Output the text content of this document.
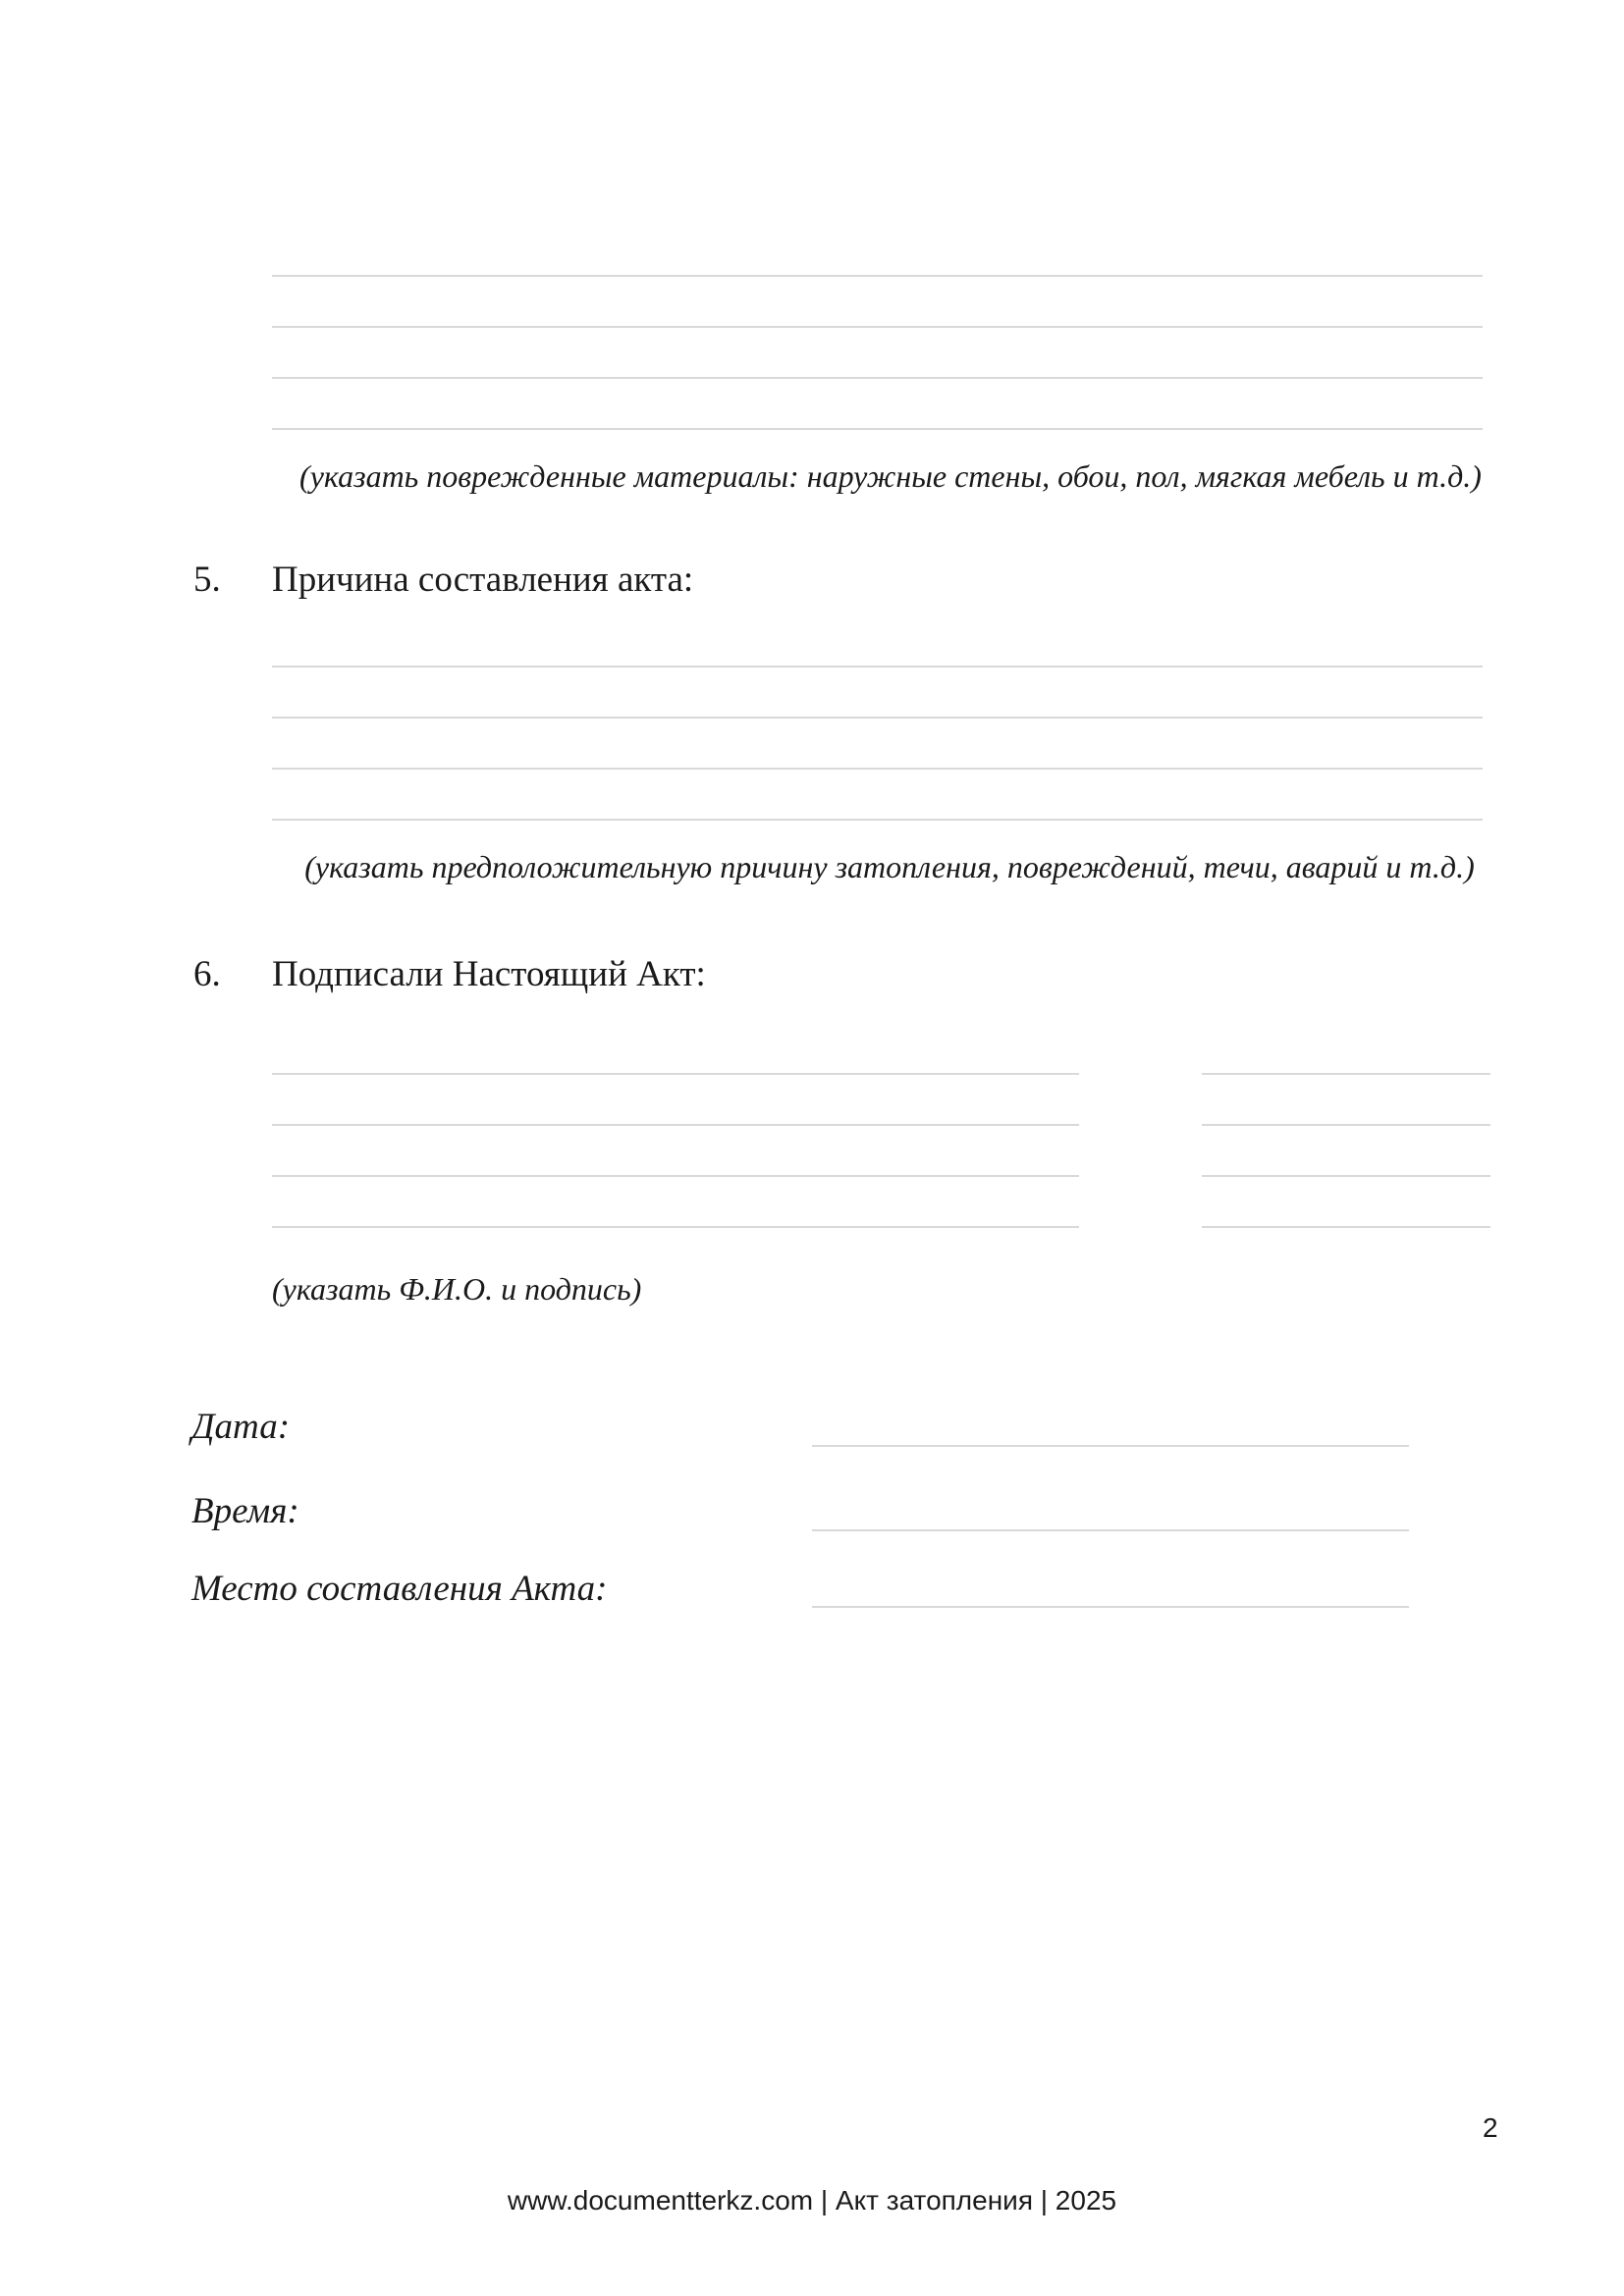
(указать поврежденные материалы: наружные стены, обои, пол, мягкая мебель и т.д.)
5. Причина составления акта:
(указать предположительную причину затопления, повреждений, течи, аварий и т.д.)
6. Подписали Настоящий Акт:
(указать Ф.И.О. и подпись)
Дата:
Время:
Место составления Акта:
2
www.documentterkz.com | Акт затопления | 2025
